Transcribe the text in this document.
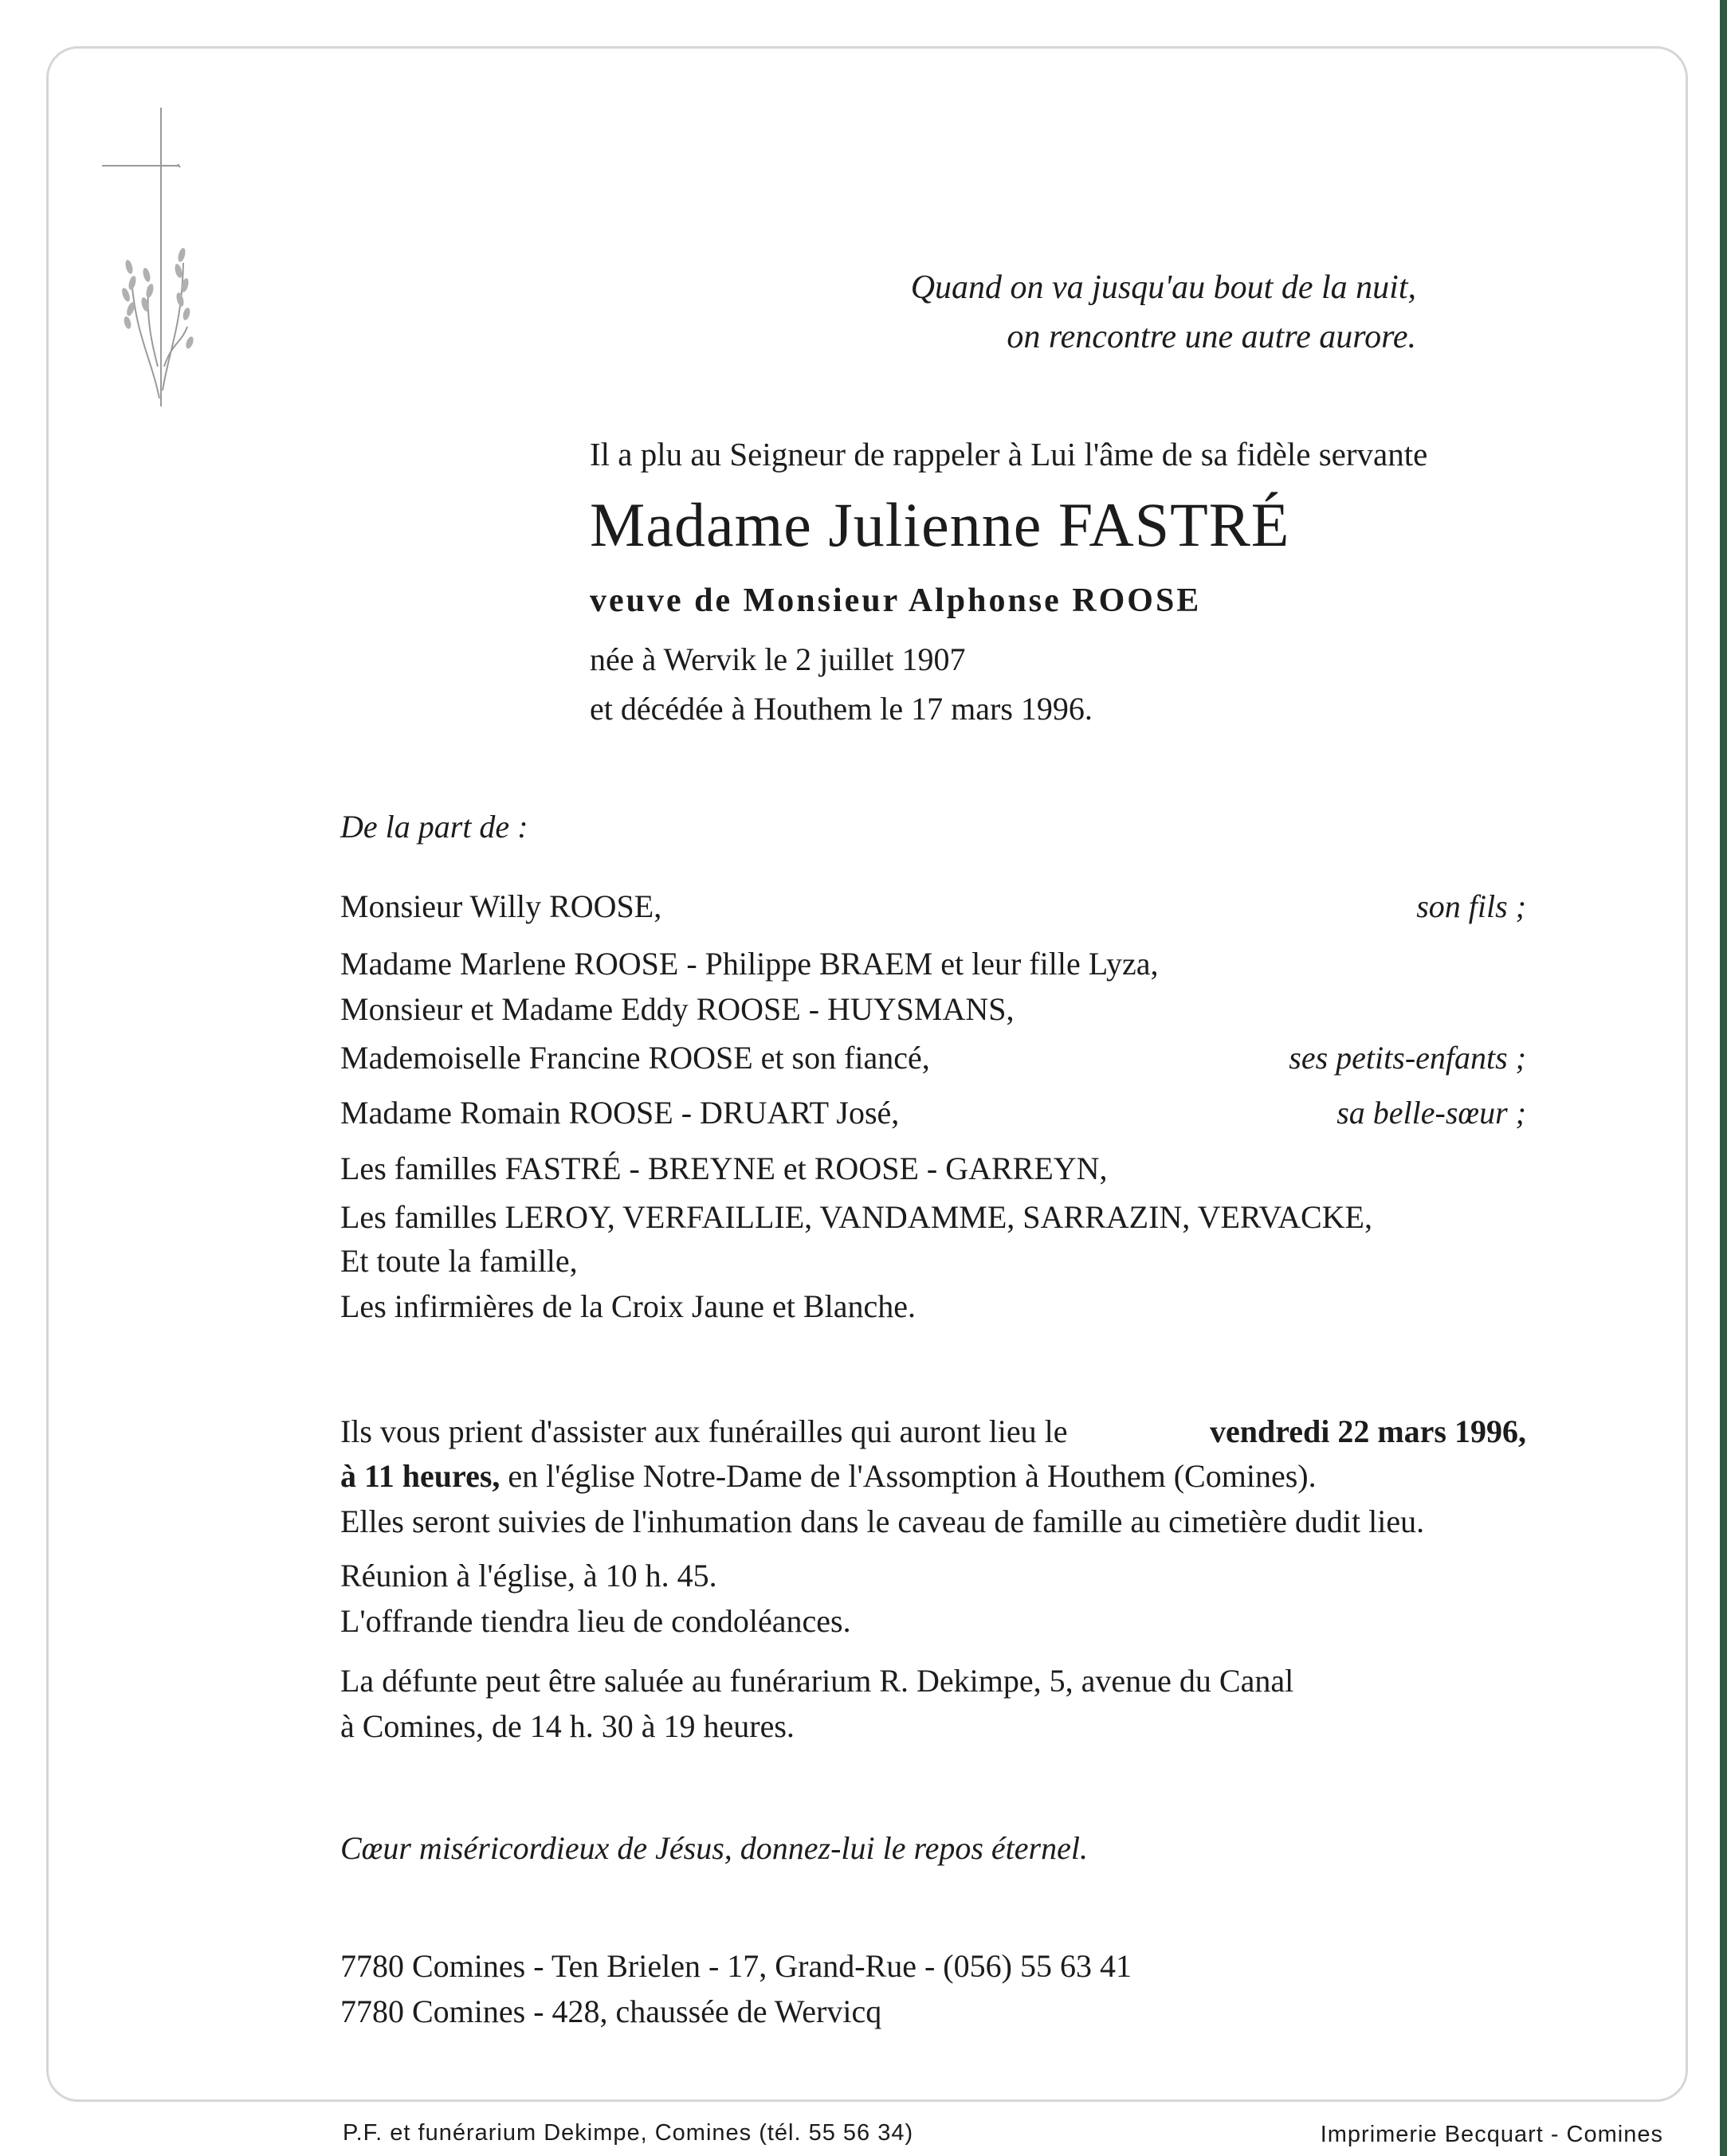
Quand on va jusqu'au bout de la nuit,
on rencontre une autre aurore.
Il a plu au Seigneur de rappeler à Lui l'âme de sa fidèle servante
Madame Julienne FASTRÉ
veuve de Monsieur Alphonse ROOSE
née à Wervik le 2 juillet 1907
et décédée à Houthem le 17 mars 1996.
De la part de :
Monsieur Willy ROOSE,	son fils ;
Madame Marlene ROOSE - Philippe BRAEM et leur fille Lyza,
Monsieur et Madame Eddy ROOSE - HUYSMANS,
Mademoiselle Francine ROOSE et son fiancé,	ses petits-enfants ;
Madame Romain ROOSE - DRUART José,	sa belle-sœur ;
Les familles FASTRÉ - BREYNE et ROOSE - GARREYN,
Les familles LEROY, VERFAILLIE, VANDAMME, SARRAZIN, VERVACKE,
Et toute la famille,
Les infirmières de la Croix Jaune et Blanche.
Ils vous prient d'assister aux funérailles qui auront lieu le	vendredi 22 mars 1996,
à 11 heures, en l'église Notre-Dame de l'Assomption à Houthem (Comines).
Elles seront suivies de l'inhumation dans le caveau de famille au cimetière dudit lieu.
Réunion à l'église, à 10 h. 45.
L'offrande tiendra lieu de condoléances.
La défunte peut être saluée au funérarium R. Dekimpe, 5, avenue du Canal
à Comines, de 14 h. 30 à 19 heures.
Cœur miséricordieux de Jésus, donnez-lui le repos éternel.
7780 Comines - Ten Brielen - 17, Grand-Rue - (056) 55 63 41
7780 Comines - 428, chaussée de Wervicq
P.F. et funérarium Dekimpe, Comines (tél. 55 56 34)	Imprimerie Becquart - Comines
